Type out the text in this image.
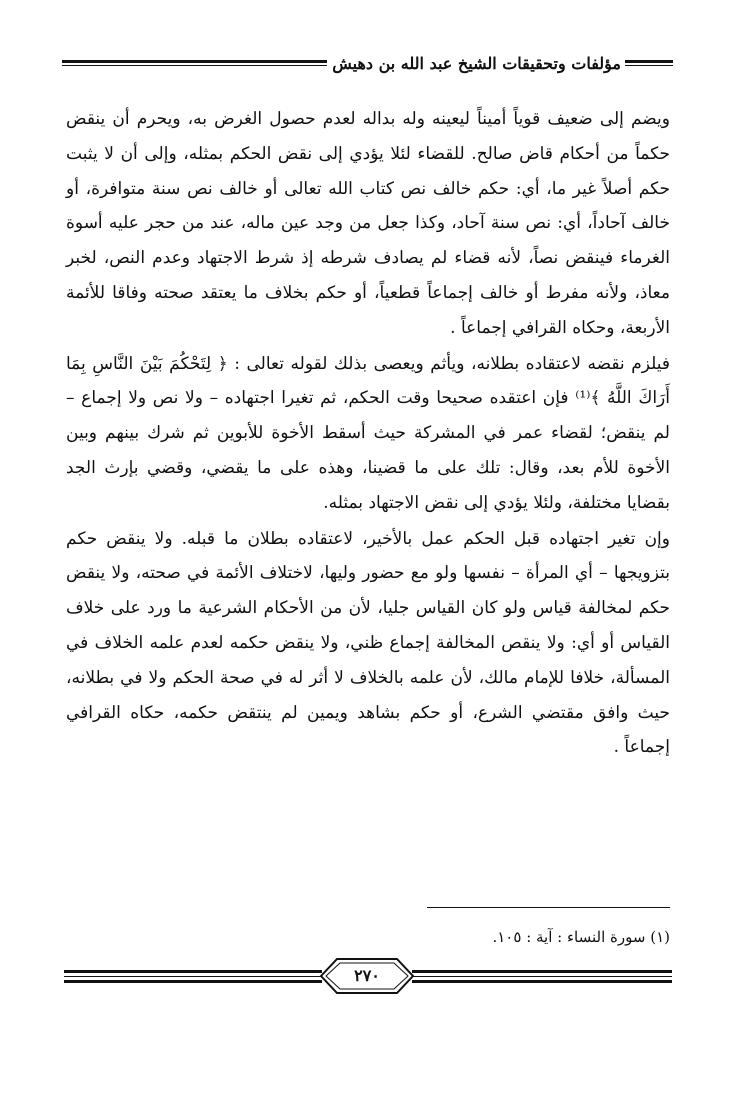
مؤلفات وتحقيقات الشيخ عبد الله بن دهيش

ويضم إلى ضعيف قوياً أميناً ليعينه وله بداله لعدم حصول الغرض به، ويحرم أن ينقض حكماً من أحكام قاض صالح. للقضاء لئلا يؤدي إلى نقض الحكم بمثله، وإلى أن لا يثبت حكم أصلاً غير ما، أي: حكم خالف نص كتاب الله تعالى أو خالف نص سنة متوافرة، أو خالف آحاداً، أي: نص سنة آحاد، وكذا جعل من وجد عين ماله، عند من حجر عليه أسوة الغرماء فينقض نصاً، لأنه قضاء لم يصادف شرطه إذ شرط الاجتهاد وعدم النص، لخبر معاذ، ولأنه مفرط أو خالف إجماعاً قطعياً، أو حكم بخلاف ما يعتقد صحته وفاقا للأئمة الأربعة، وحكاه القرافي إجماعاً .

فيلزم نقضه لاعتقاده بطلانه، ويأثم ويعصى بذلك لقوله تعالى : ﴿ لِتَحْكُمَ بَيْنَ النَّاسِ بِمَا أَرَاكَ اللَّهُ ﴾⁽¹⁾ فإن اعتقده صحيحا وقت الحكم، ثم تغيرا اجتهاده – ولا نص ولا إجماع – لم ينقض؛ لقضاء عمر في المشركة حيث أسقط الأخوة للأبوين ثم شرك بينهم وبين الأخوة للأم بعد، وقال: تلك على ما قضينا، وهذه على ما يقضي، وقضي بإرث الجد بقضايا مختلفة، ولئلا يؤدي إلى نقض الاجتهاد بمثله.

وإن تغير اجتهاده قبل الحكم عمل بالأخير، لاعتقاده بطلان ما قبله. ولا ينقض حكم بتزويجها – أي المرأة – نفسها ولو مع حضور وليها، لاختلاف الأئمة في صحته، ولا ينقض حكم لمخالفة قياس ولو كان القياس جليا، لأن من الأحكام الشرعية ما ورد على خلاف القياس أو أي: ولا ينقص المخالفة إجماع ظني، ولا ينقض حكمه لعدم علمه الخلاف في المسألة، خلافا للإمام مالك، لأن علمه بالخلاف لا أثر له في صحة الحكم ولا في بطلانه، حيث وافق مقتضي الشرع، أو حكم بشاهد ويمين لم ينتقض حكمه، حكاه القرافي إجماعاً .

(١) سورة النساء : آية : ١٠٥.
٢٧٠
